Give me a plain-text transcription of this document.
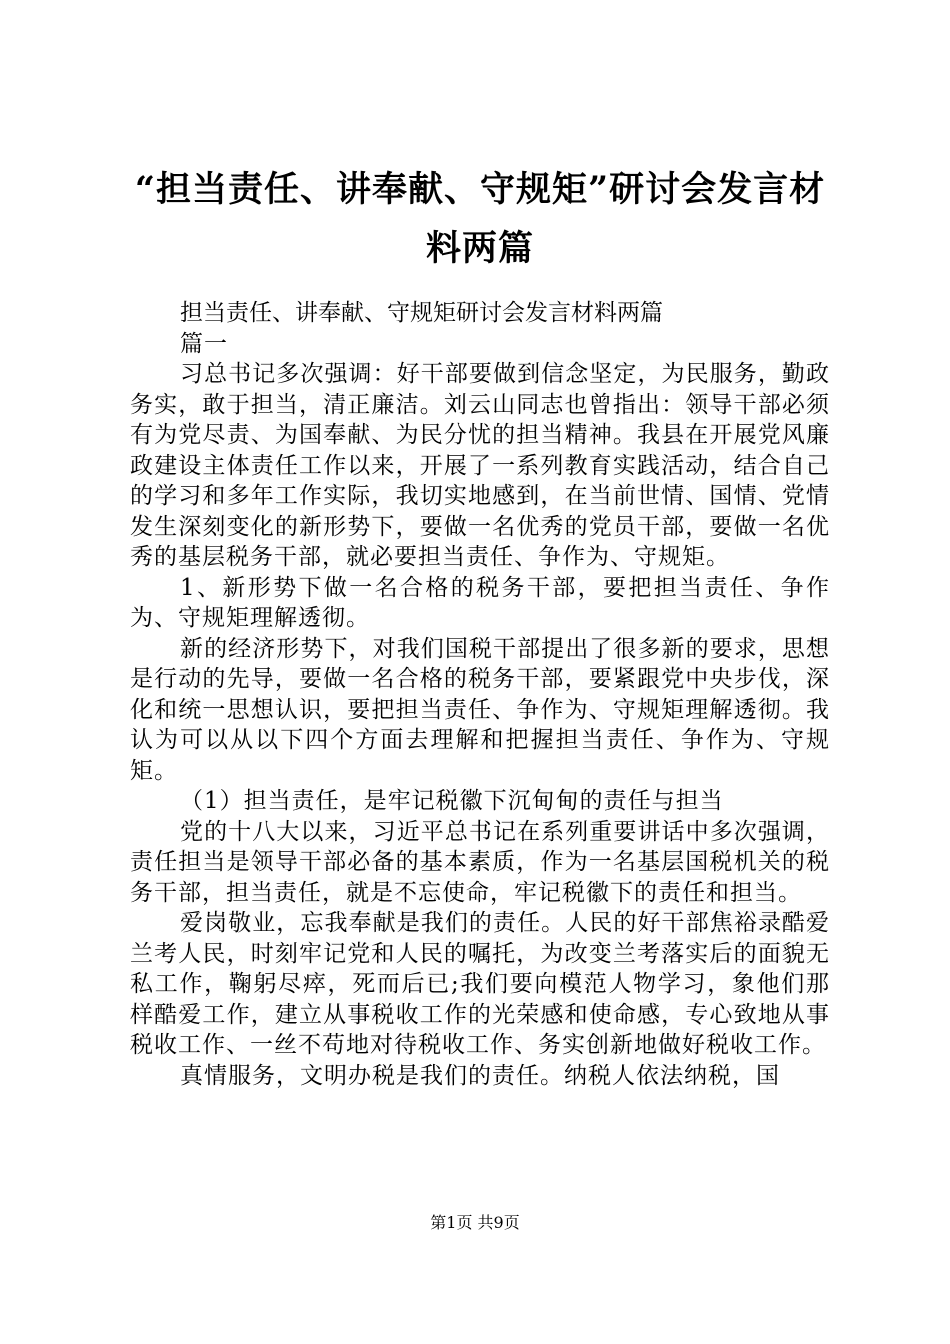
“担当责任、讲奉献、守规矩”研讨会发言材料两篇

担当责任、讲奉献、守规矩研讨会发言材料两篇

篇一

习总书记多次强调：好干部要做到信念坚定，为民服务，勤政务实，敢于担当，清正廉洁。刘云山同志也曾指出：领导干部必须有为党尽责、为国奉献、为民分忧的担当精神。我县在开展党风廉政建设主体责任工作以来，开展了一系列教育实践活动，结合自己的学习和多年工作实际，我切实地感到，在当前世情、国情、党情发生深刻变化的新形势下，要做一名优秀的党员干部，要做一名优秀的基层税务干部，就必要担当责任、争作为、守规矩。

1、新形势下做一名合格的税务干部，要把担当责任、争作为、守规矩理解透彻。

新的经济形势下，对我们国税干部提出了很多新的要求，思想是行动的先导，要做一名合格的税务干部，要紧跟党中央步伐，深化和统一思想认识，要把担当责任、争作为、守规矩理解透彻。我认为可以从以下四个方面去理解和把握担当责任、争作为、守规矩。

（1）担当责任，是牢记税徽下沉甸甸的责任与担当

党的十八大以来，习近平总书记在系列重要讲话中多次强调，责任担当是领导干部必备的基本素质，作为一名基层国税机关的税务干部，担当责任，就是不忘使命，牢记税徽下的责任和担当。

爱岗敬业，忘我奉献是我们的责任。人民的好干部焦裕录酷爱兰考人民，时刻牢记党和人民的嘱托，为改变兰考落实后的面貌无私工作，鞠躬尽瘁，死而后已;我们要向模范人物学习，象他们那样酷爱工作，建立从事税收工作的光荣感和使命感，专心致地从事税收工作、一丝不苟地对待税收工作、务实创新地做好税收工作。

真情服务，文明办税是我们的责任。纳税人依法纳税，国

第1页 共9页
